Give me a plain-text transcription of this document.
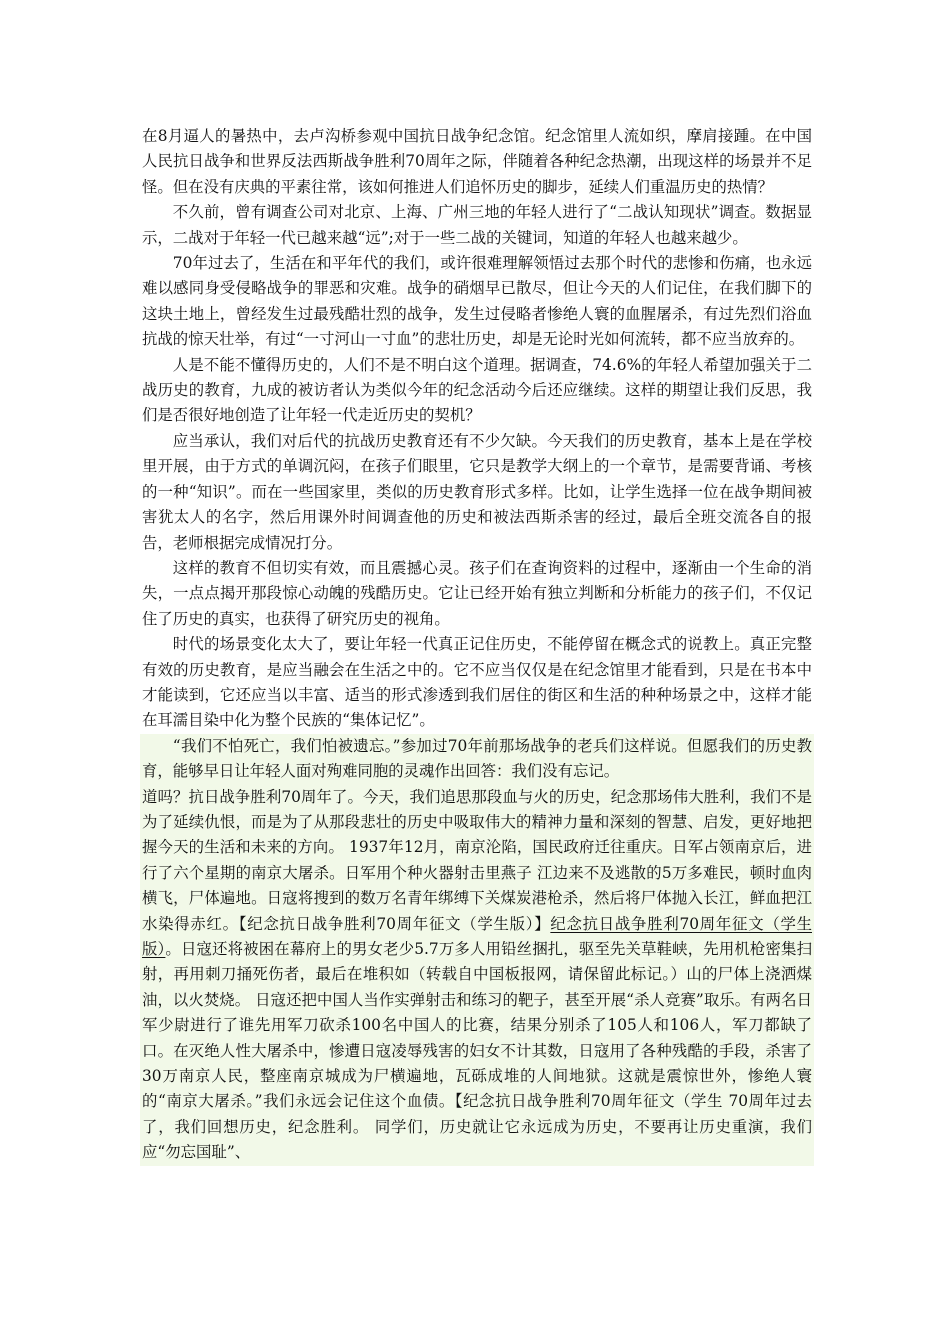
在8月逼人的暑热中，去卢沟桥参观中国抗日战争纪念馆。纪念馆里人流如织，摩肩接踵。在中国人民抗日战争和世界反法西斯战争胜利70周年之际，伴随着各种纪念热潮，出现这样的场景并不足怪。但在没有庆典的平素往常，该如何推进人们追怀历史的脚步，延续人们重温历史的热情？

不久前，曾有调查公司对北京、上海、广州三地的年轻人进行了“二战认知现状”调查。数据显示，二战对于年轻一代已越来越“远”;对于一些二战的关键词，知道的年轻人也越来越少。

70年过去了，生活在和平年代的我们，或许很难理解领悟过去那个时代的悲惨和伤痛，也永远难以感同身受侵略战争的罪恶和灾难。战争的硝烟早已散尽，但让今天的人们记住，在我们脚下的这块土地上，曾经发生过最残酷壮烈的战争，发生过侵略者惨绝人寰的血腥屠杀，有过先烈们浴血抗战的惊天壮举，有过“一寸河山一寸血”的悲壮历史，却是无论时光如何流转，都不应当放弃的。

人是不能不懂得历史的，人们不是不明白这个道理。据调查，74.6%的年轻人希望加强关于二战历史的教育，九成的被访者认为类似今年的纪念活动今后还应继续。这样的期望让我们反思，我们是否很好地创造了让年轻一代走近历史的契机？

应当承认，我们对后代的抗战历史教育还有不少欠缺。今天我们的历史教育，基本上是在学校里开展，由于方式的单调沉闷，在孩子们眼里，它只是教学大纲上的一个章节，是需要背诵、考核的一种“知识”。而在一些国家里，类似的历史教育形式多样。比如，让学生选择一位在战争期间被害犹太人的名字，然后用课外时间调查他的历史和被法西斯杀害的经过，最后全班交流各自的报告，老师根据完成情况打分。

这样的教育不但切实有效，而且震撼心灵。孩子们在查询资料的过程中，逐渐由一个生命的消失，一点点揭开那段惊心动魄的残酷历史。它让已经开始有独立判断和分析能力的孩子们，不仅记住了历史的真实，也获得了研究历史的视角。

时代的场景变化太大了，要让年轻一代真正记住历史，不能停留在概念式的说教上。真正完整有效的历史教育，是应当融会在生活之中的。它不应当仅仅是在纪念馆里才能看到，只是在书本中才能读到，它还应当以丰富、适当的形式渗透到我们居住的街区和生活的种种场景之中，这样才能在耳濡目染中化为整个民族的“集体记忆”。

“我们不怕死亡，我们怕被遗忘。”参加过70年前那场战争的老兵们这样说。但愿我们的历史教育，能够早日让年轻人面对殉难同胞的灵魂作出回答：我们没有忘记。

道吗？抗日战争胜利70周年了。今天，我们追思那段血与火的历史，纪念那场伟大胜利，我们不是为了延续仇恨，而是为了从那段悲壮的历史中吸取伟大的精神力量和深刻的智慧、启发，更好地把握今天的生活和未来的方向。 1937年12月，南京沦陷，国民政府迁往重庆。日军占领南京后，进行了六个星期的南京大屠杀。日军用个种火器射击里燕子 江边来不及逃散的5万多难民，顿时血肉横飞，尸体遍地。日寇将搜到的数万名青年绑缚下关煤炭港枪杀，然后将尸体抛入长江，鲜血把江水染得赤红。【纪念抗日战争胜利70周年征文（学生版）】纪念抗日战争胜利70周年征文（学生版）。日寇还将被困在幕府上的男女老少5.7万多人用铅丝捆扎，驱至先关草鞋峡，先用机枪密集扫射，再用刺刀捅死伤者，最后在堆积如（转载自中国板报网，请保留此标记。）山的尸体上浇洒煤油，以火焚烧。 日寇还把中国人当作实弹射击和练习的靶子，甚至开展“杀人竞赛”取乐。有两名日军少尉进行了谁先用军刀砍杀100名中国人的比赛，结果分别杀了105人和106人，军刀都缺了口。在灭绝人性大屠杀中，惨遭日寇凌辱残害的妇女不计其数，日寇用了各种残酷的手段，杀害了30万南京人民，整座南京城成为尸横遍地，瓦砾成堆的人间地狱。这就是震惊世外，惨绝人寰的“南京大屠杀。”我们永远会记住这个血债。【纪念抗日战争胜利70周年征文（学生 70周年过去了，我们回想历史，纪念胜利。 同学们，历史就让它永远成为历史，不要再让历史重演，我们应“勿忘国耻”、
